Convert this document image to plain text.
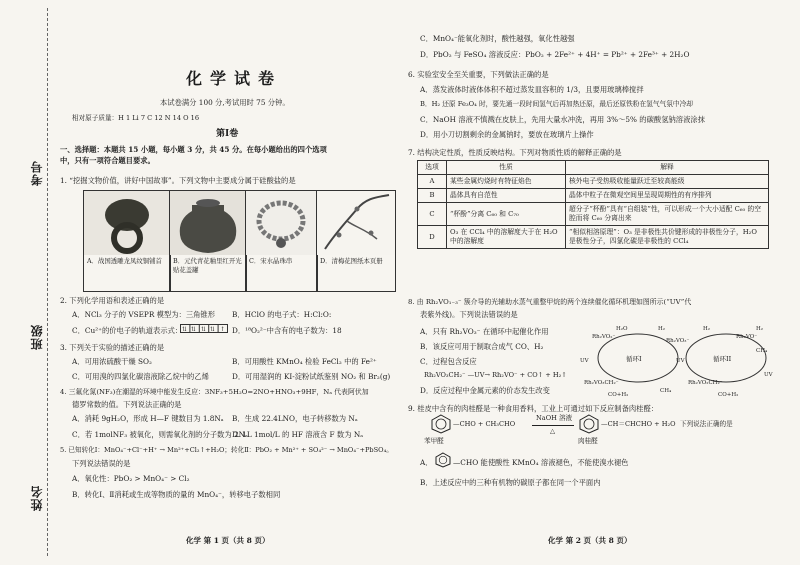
考号
班级
姓名
化学试卷
本试卷满分 100 分,考试用时 75 分钟。
相对原子质量：H 1 Li 7 C 12 N 14 O 16
第Ⅰ卷
一、选择题：本题共 15 小题，每小题 3 分，共 45 分。在每小题给出的四个选项
中，只有一项符合题目要求。
1. “挖掘文物价值，讲好中国故事”。下列文物中主要成分属于硅酸盐的是
A．战国透雕龙凤纹铜铺首	B．元代青花釉里红开光贴花盖罐
C．宋水晶珠串	D．清梅花图纸本页册
2. 下列化学用语和表述正确的是
A．NCl₃ 分子的 VSEPR 模型为：三角锥形 B．HClO 的电子式：H:Cl:O:
C．Cu²⁺的价电子的轨道表示式： ⇅ ⇅ ⇅ ⇅ ↑ D．¹⁸O₂²⁻中含有的电子数为：18
3. 下列关于实验的描述正确的是
A．可用浓硫酸干燥 SO₂	B．可用酸性 KMnO₄ 检验 FeCl₂ 中的 Fe²⁺
C．可用溴的四氯化碳溶液除乙烷中的乙烯	D．可用湿润的 KI-淀粉试纸鉴别 NO₂ 和 Br₂(g)
4. 三氟化氮(NF₃)在潮湿的环境中能发生反应：3NF₃+5H₂O=2NO+HNO₃+9HF，Nₐ 代表阿伏加
德罗常数的值。下列说法正确的是
A．消耗 9gH₂O，形成 H—F 键数目为 1.8Nₐ B．生成 22.4LNO，电子转移数为 Nₐ
C．若 1molNF₃ 被氧化，则需氧化剂的分子数为 2Nₐ
D. 1L 1mol/L 的 HF 溶液含 F 数为 Nₐ
5. 已知转化Ⅰ：MnO₄⁻+Cl⁻+H⁺ → Mn²⁺+Cl₂↑+H₂O；转化Ⅱ：PbO₂ + Mn²⁺ + SO₄²⁻ → MnO₄⁻+PbSO₄。
下列说法错误的是
A．氧化性：PbO₂ > MnO₄⁻ > Cl₂
B．转化Ⅰ、Ⅱ消耗或生成等物质的量的 MnO₄⁻，转移电子数相同
化学 第 1 页（共 8 页）
C．MnO₄⁻能氧化剂时，酸性越强，氧化性越强
D．PbO₂ 与 FeSO₄ 溶液反应：PbO₂ + 2Fe²⁺ + 4H⁺ = Pb²⁺ + 2Fe³⁺ + 2H₂O
6. 实验室安全至关重要，下列做法正确的是
A．蒸发液体时液体体积不超过蒸发皿容积的 1/3，且要用玻璃棒搅拌
B．H₂ 还原 Fe₃O₄ 时，要先通一段时间氢气后再加热还原，最后还原铁粉在氢气气氛中冷却
C．NaOH 溶液不慎溅在皮肤上，先用大量水冲洗，再用 3%～5% 的碳酸氢钠溶液涂抹
D．用小刀切割剩余的金属钠时，要放在玻璃片上操作
7. 结构决定性质，性质反映结构。下列对物质性质的解释正确的是
选项	性质	解释
A	某些金属灼烧时有特征焰色	核外电子受热吸收能量跃迁至较高能级
B	晶体具有自范性	晶体中粒子在微观空间里呈现周期性的有序排列
C	“杯酚”分离 C₆₀ 和 C₇₀	超分子“杯酚”具有“自组装”性，可以形成一个大小适配 C₆₀ 的空腔而将 C₆₀ 分离出来
D	O₃ 在 CCl₄ 中的溶解度大于在 H₂O 中的溶解度	“相似相溶原理”：O₃ 是非极性共价键形成的非极性分子，H₂O 是极性分子，四氯化碳是非极性的 CCl₄
8. 由 Rh₂VO₁₋₃⁻ 簇介导的光辅助水蒸气重整甲烷的两个连续催化循环机理如图所示(“UV”代
表紫外线)。下列说法错误的是
A．只有 Rh₂VO₃⁻ 在循环中起催化作用
B．该反应可用于制取合成气 CO、H₂
C．过程包含反应
Rh₂VO₃CH₂⁻ —UV→ Rh₂VO⁻ + CO↑ + H₂↑
D．反应过程中金属元素的价态发生改变
循环I	循环II
H₂O	H₂	H₂	H₂
UV	UV
UV
CH₄
CH₄
CO+H₂	CO+H₂
Rh₂VO₂⁻
Rh₂VO₃⁻
Rh₂VO₃CH₂⁻	Rh₂VO₂CH₂⁻
Rh₂VO⁻
9. 桂皮中含有的肉桂醛是一种食用香料，工业上可通过如下反应制备肉桂醛：
—CHO + CH₃CHO
NaOH 溶液
△
—CH＝CHCHO + H₂O 下列说法正确的是
苯甲醛	肉桂醛
A．	—CHO 能使酸性 KMnO₄ 溶液褪色，不能使溴水褪色
B．上述反应中的三种有机物的碳原子都在同一个平面内
化学 第 2 页（共 8 页）
